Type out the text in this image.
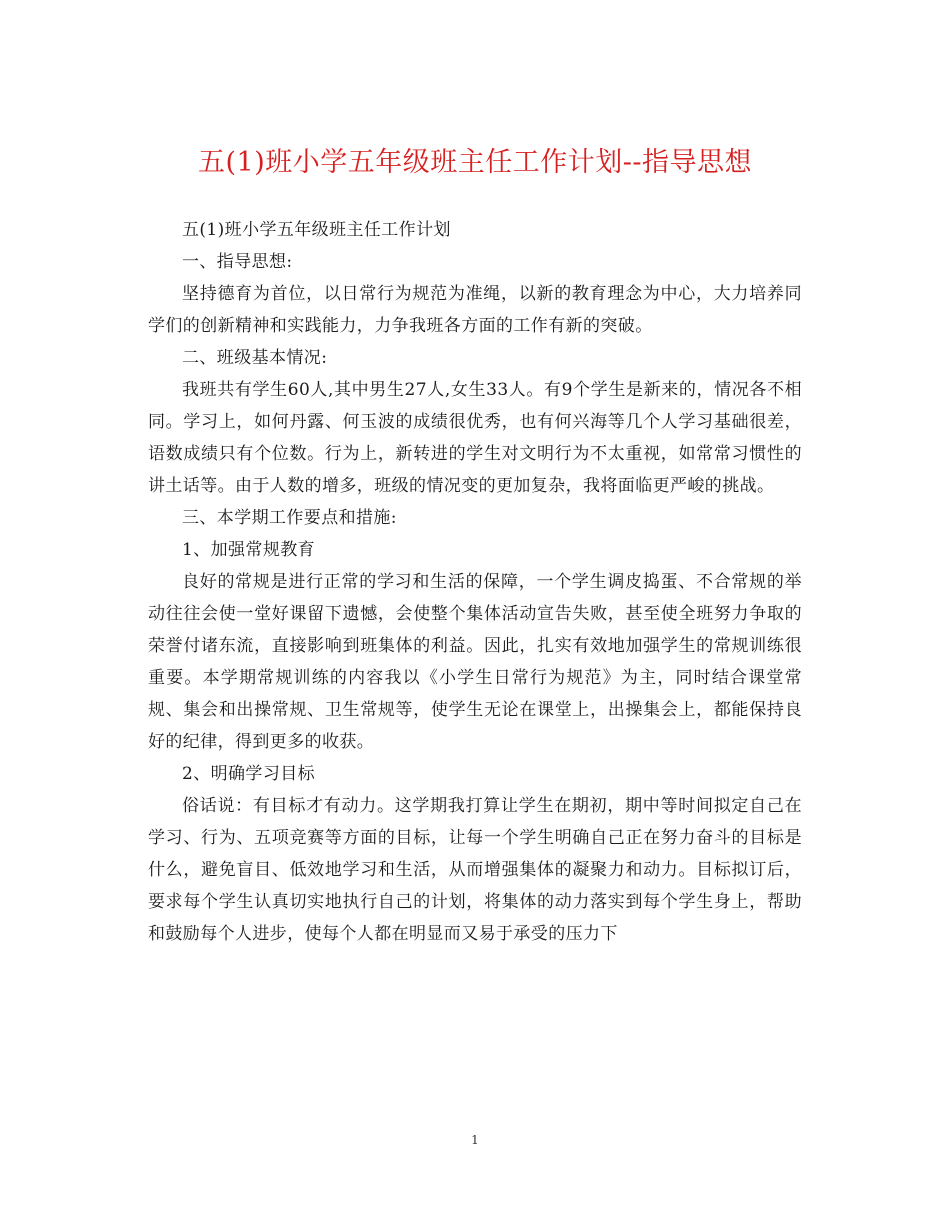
五(1)班小学五年级班主任工作计划--指导思想

五(1)班小学五年级班主任工作计划

一、指导思想:

坚持德育为首位，以日常行为规范为准绳，以新的教育理念为中心，大力培养同学们的创新精神和实践能力，力争我班各方面的工作有新的突破。

二、班级基本情况:

我班共有学生60人,其中男生27人,女生33人。有9个学生是新来的，情况各不相同。学习上，如何丹露、何玉波的成绩很优秀，也有何兴海等几个人学习基础很差，语数成绩只有个位数。行为上，新转进的学生对文明行为不太重视，如常常习惯性的讲土话等。由于人数的增多，班级的情况变的更加复杂，我将面临更严峻的挑战。

三、本学期工作要点和措施:

1、加强常规教育

良好的常规是进行正常的学习和生活的保障，一个学生调皮捣蛋、不合常规的举动往往会使一堂好课留下遗憾，会使整个集体活动宣告失败，甚至使全班努力争取的荣誉付诸东流，直接影响到班集体的利益。因此，扎实有效地加强学生的常规训练很重要。本学期常规训练的内容我以《小学生日常行为规范》为主，同时结合课堂常规、集会和出操常规、卫生常规等，使学生无论在课堂上，出操集会上，都能保持良好的纪律，得到更多的收获。

2、明确学习目标

俗话说：有目标才有动力。这学期我打算让学生在期初，期中等时间拟定自己在学习、行为、五项竞赛等方面的目标，让每一个学生明确自己正在努力奋斗的目标是什么，避免盲目、低效地学习和生活，从而增强集体的凝聚力和动力。目标拟订后，要求每个学生认真切实地执行自己的计划，将集体的动力落实到每个学生身上，帮助和鼓励每个人进步，使每个人都在明显而又易于承受的压力下

1
